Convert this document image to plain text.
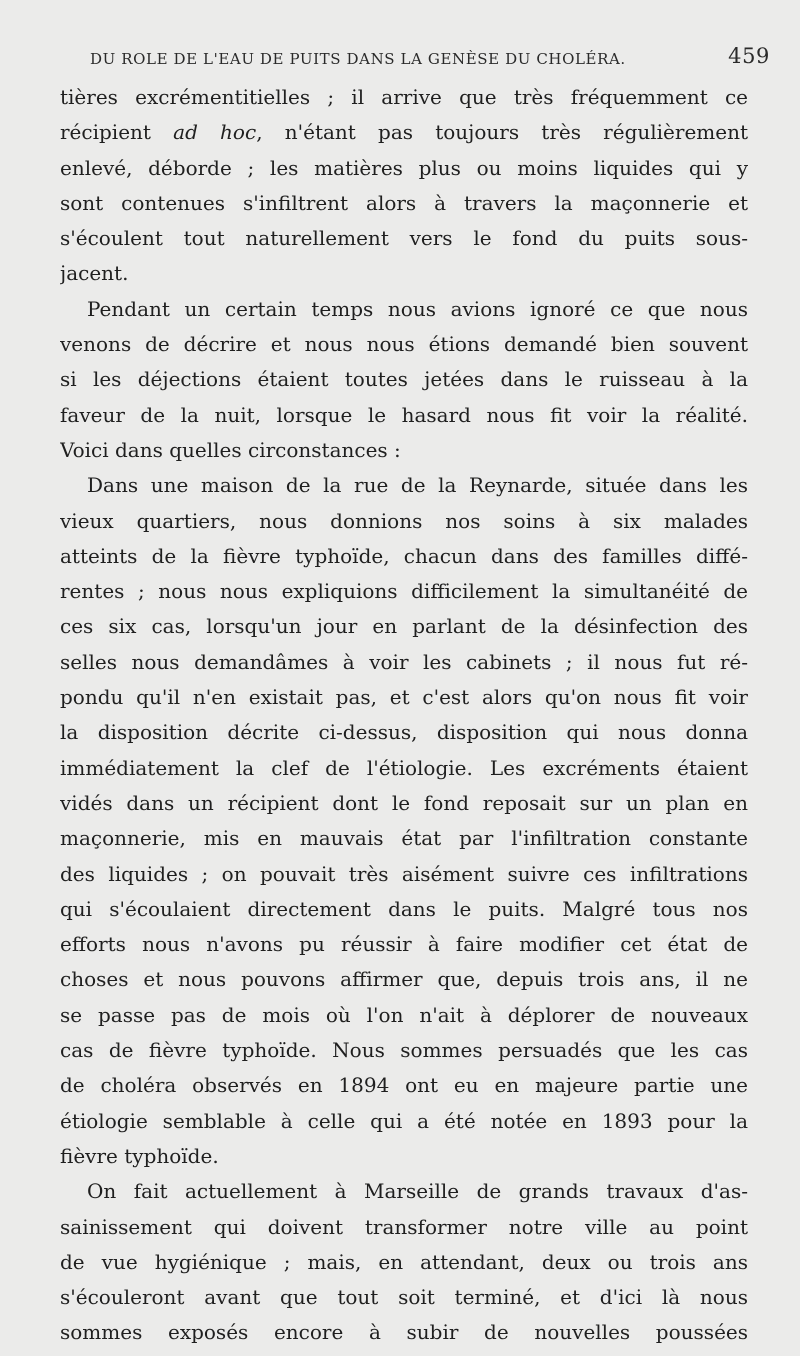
DU ROLE DE L'EAU DE PUITS DANS LA GENÈSE DU CHOLÉRA.	459
tières excrémentitielles ; il arrive que très fréquemment ce
récipient ad hoc, n'étant pas toujours très régulièrement
enlevé, déborde ; les matières plus ou moins liquides qui y
sont contenues s'infiltrent alors à travers la maçonnerie et
s'écoulent tout naturellement vers le fond du puits sous-
jacent.
Pendant un certain temps nous avions ignoré ce que nous
venons de décrire et nous nous étions demandé bien souvent
si les déjections étaient toutes jetées dans le ruisseau à la
faveur de la nuit, lorsque le hasard nous fit voir la réalité.
Voici dans quelles circonstances :
Dans une maison de la rue de la Reynarde, située dans les
vieux quartiers, nous donnions nos soins à six malades
atteints de la fièvre typhoïde, chacun dans des familles diffé-
rentes ; nous nous expliquions difficilement la simultanéité de
ces six cas, lorsqu'un jour en parlant de la désinfection des
selles nous demandâmes à voir les cabinets ; il nous fut ré-
pondu qu'il n'en existait pas, et c'est alors qu'on nous fit voir
la disposition décrite ci-dessus, disposition qui nous donna
immédiatement la clef de l'étiologie. Les excréments étaient
vidés dans un récipient dont le fond reposait sur un plan en
maçonnerie, mis en mauvais état par l'infiltration constante
des liquides ; on pouvait très aisément suivre ces infiltrations
qui s'écoulaient directement dans le puits. Malgré tous nos
efforts nous n'avons pu réussir à faire modifier cet état de
choses et nous pouvons affirmer que, depuis trois ans, il ne
se passe pas de mois où l'on n'ait à déplorer de nouveaux
cas de fièvre typhoïde. Nous sommes persuadés que les cas
de choléra observés en 1894 ont eu en majeure partie une
étiologie semblable à celle qui a été notée en 1893 pour la
fièvre typhoïde.
On fait actuellement à Marseille de grands travaux d'as-
sainissement qui doivent transformer notre ville au point
de vue hygiénique ; mais, en attendant, deux ou trois ans
s'écouleront avant que tout soit terminé, et d'ici là nous
sommes exposés encore à subir de nouvelles poussées
